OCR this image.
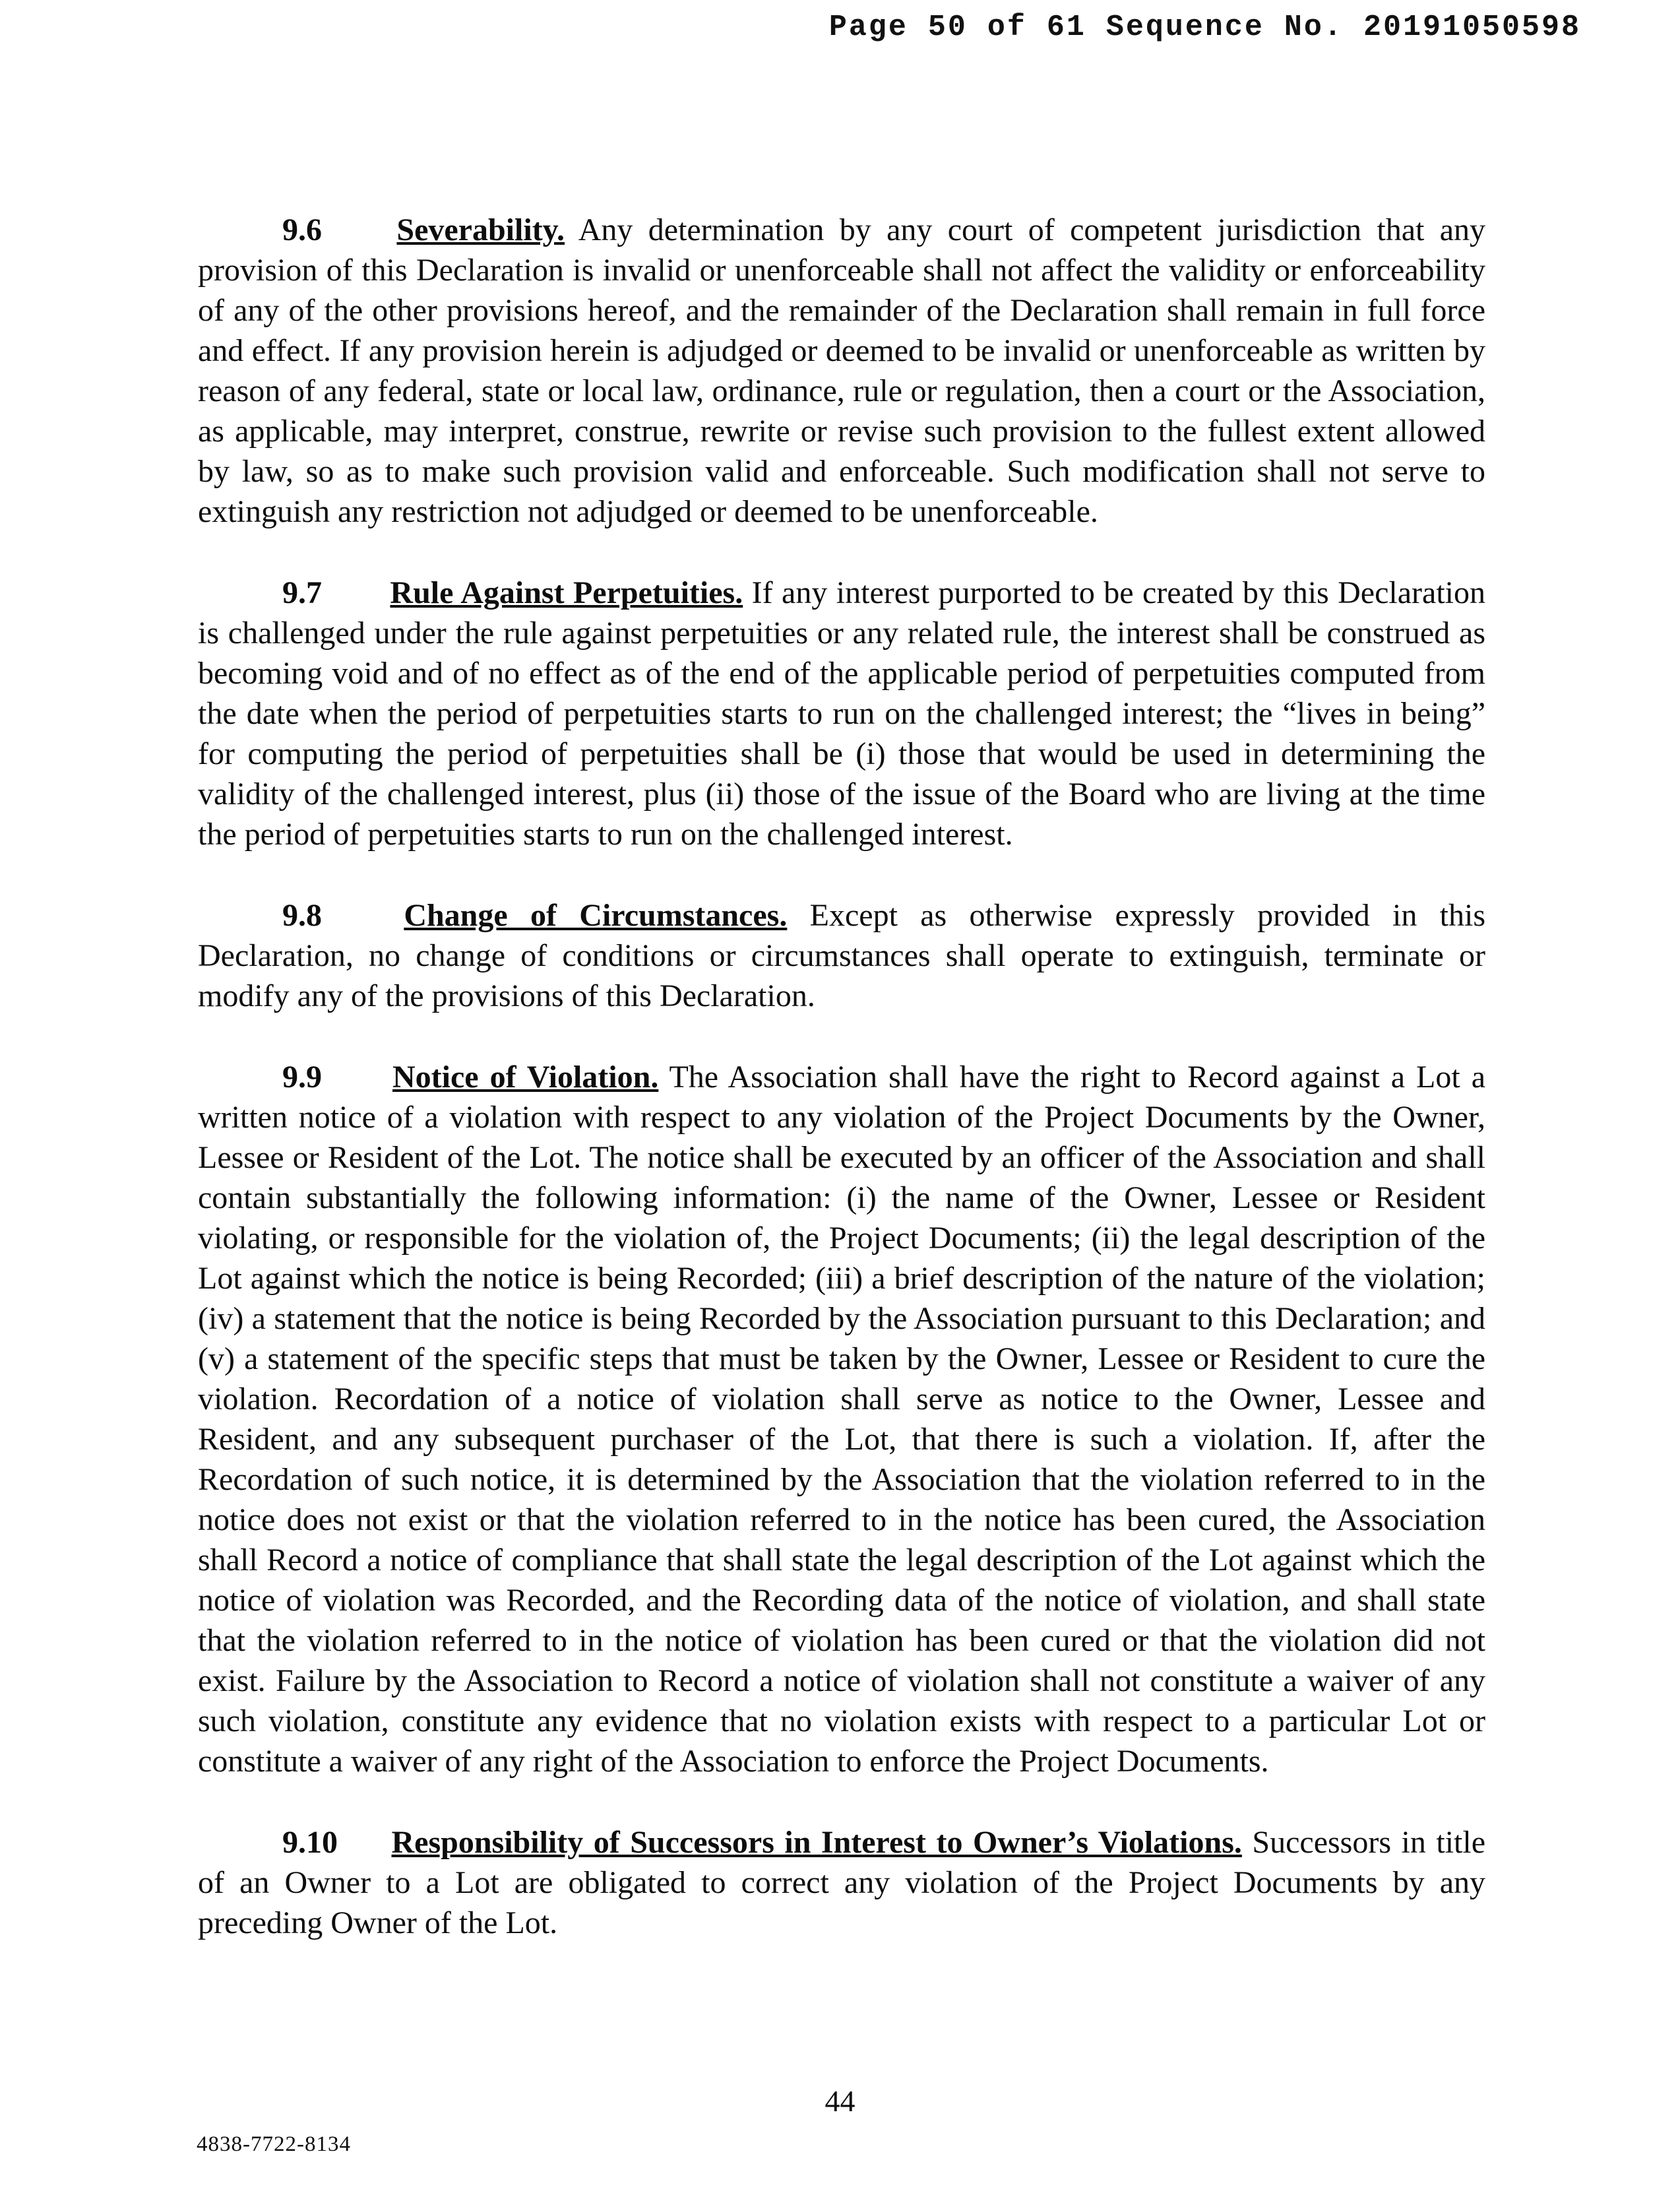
Page 50 of 61 Sequence No. 20191050598

9.6 Severability. Any determination by any court of competent jurisdiction that any provision of this Declaration is invalid or unenforceable shall not affect the validity or enforceability of any of the other provisions hereof, and the remainder of the Declaration shall remain in full force and effect. If any provision herein is adjudged or deemed to be invalid or unenforceable as written by reason of any federal, state or local law, ordinance, rule or regulation, then a court or the Association, as applicable, may interpret, construe, rewrite or revise such provision to the fullest extent allowed by law, so as to make such provision valid and enforceable. Such modification shall not serve to extinguish any restriction not adjudged or deemed to be unenforceable.

9.7 Rule Against Perpetuities. If any interest purported to be created by this Declaration is challenged under the rule against perpetuities or any related rule, the interest shall be construed as becoming void and of no effect as of the end of the applicable period of perpetuities computed from the date when the period of perpetuities starts to run on the challenged interest; the “lives in being” for computing the period of perpetuities shall be (i) those that would be used in determining the validity of the challenged interest, plus (ii) those of the issue of the Board who are living at the time the period of perpetuities starts to run on the challenged interest.

9.8	Change of Circumstances. Except as otherwise expressly provided in this Declaration, no change of conditions or circumstances shall operate to extinguish, terminate or modify any of the provisions of this Declaration.

9.9 Notice of Violation. The Association shall have the right to Record against a Lot a written notice of a violation with respect to any violation of the Project Documents by the Owner, Lessee or Resident of the Lot. The notice shall be executed by an officer of the Association and shall contain substantially the following information: (i) the name of the Owner, Lessee or Resident violating, or responsible for the violation of, the Project Documents; (ii) the legal description of the Lot against which the notice is being Recorded; (iii) a brief description of the nature of the violation; (iv) a statement that the notice is being Recorded by the Association pursuant to this Declaration; and (v) a statement of the specific steps that must be taken by the Owner, Lessee or Resident to cure the violation. Recordation of a notice of violation shall serve as notice to the Owner, Lessee and Resident, and any subsequent purchaser of the Lot, that there is such a violation. If, after the Recordation of such notice, it is determined by the Association that the violation referred to in the notice does not exist or that the violation referred to in the notice has been cured, the Association shall Record a notice of compliance that shall state the legal description of the Lot against which the notice of violation was Recorded, and the Recording data of the notice of violation, and shall state that the violation referred to in the notice of violation has been cured or that the violation did not exist. Failure by the Association to Record a notice of violation shall not constitute a waiver of any such violation, constitute any evidence that no violation exists with respect to a particular Lot or constitute a waiver of any right of the Association to enforce the Project Documents.

9.10 Responsibility of Successors in Interest to Owner’s Violations. Successors in title of an Owner to a Lot are obligated to correct any violation of the Project Documents by any preceding Owner of the Lot.

44
4838-7722-8134
